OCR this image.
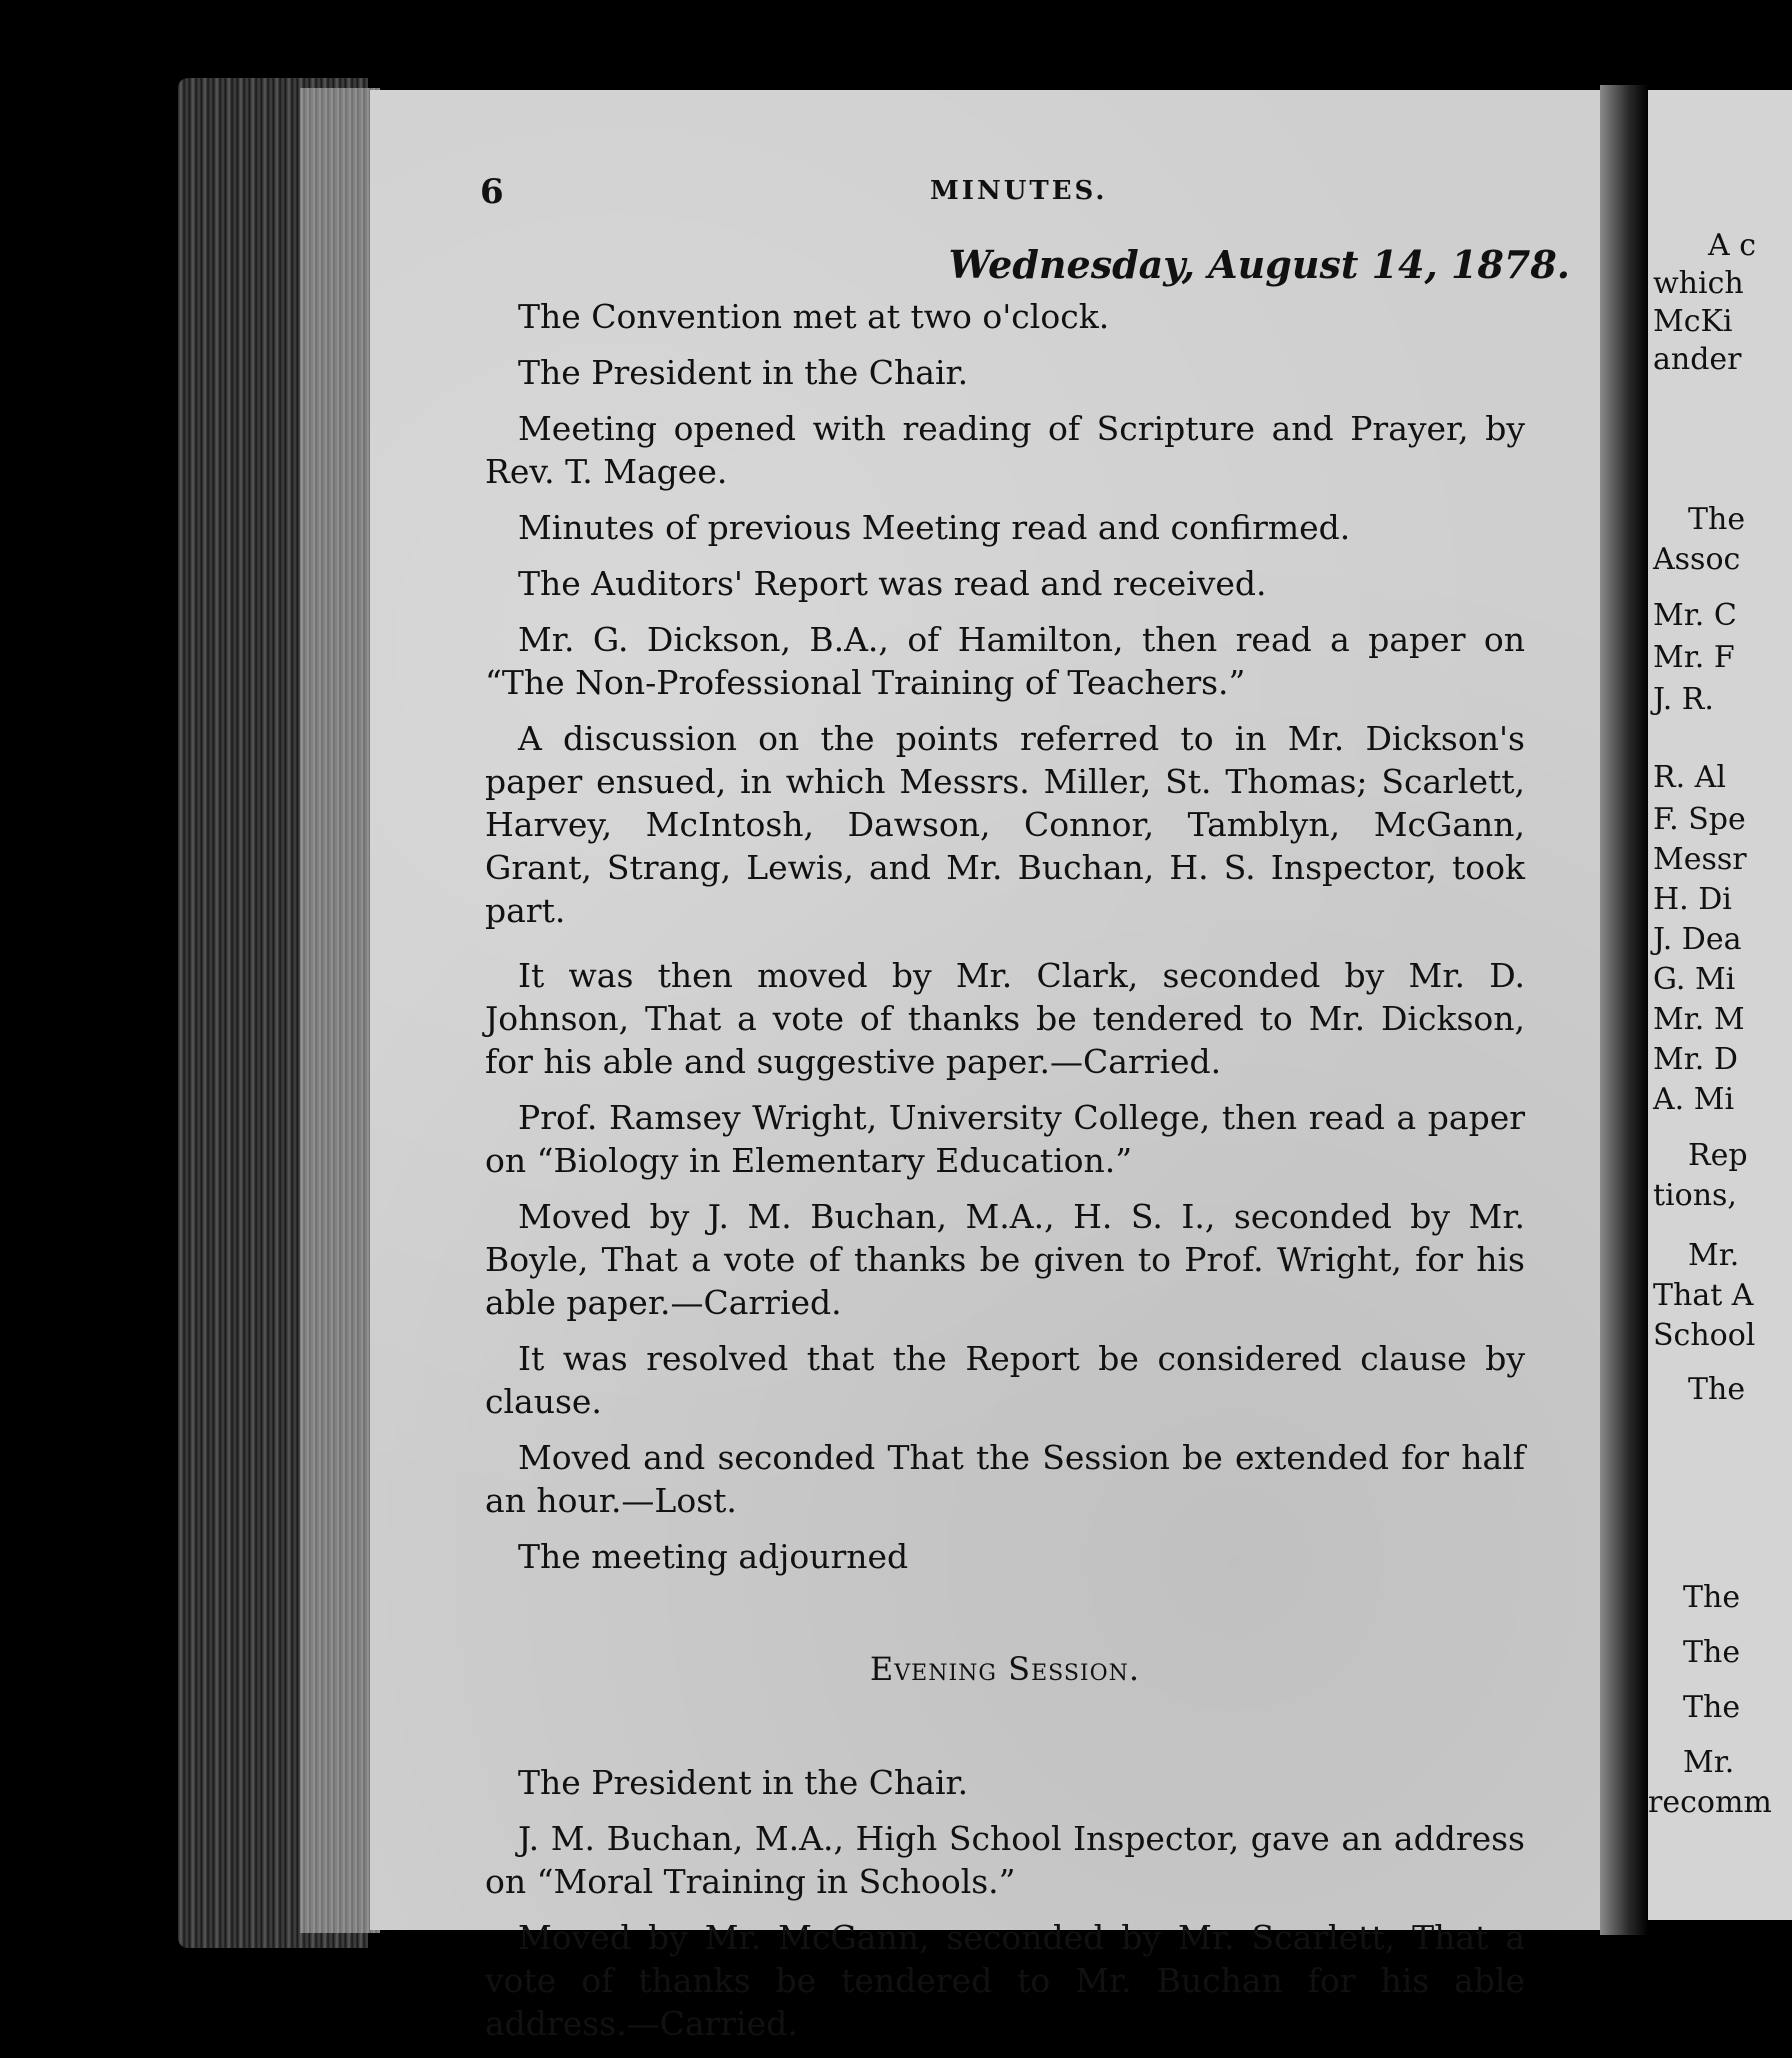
6	MINUTES.
Wednesday, August 14, 1878.

The Convention met at two o'clock.

The President in the Chair.

Meeting opened with reading of Scripture and Prayer, by Rev. T. Magee.

Minutes of previous Meeting read and confirmed.

The Auditors' Report was read and received.

Mr. G. Dickson, B.A., of Hamilton, then read a paper on “The Non-Professional Training of Teachers.”

A discussion on the points referred to in Mr. Dickson's paper ensued, in which Messrs. Miller, St. Thomas; Scarlett, Harvey, McIntosh, Dawson, Connor, Tamblyn, McGann, Grant, Strang, Lewis, and Mr. Buchan, H. S. Inspector, took part.

It was then moved by Mr. Clark, seconded by Mr. D. Johnson, That a vote of thanks be tendered to Mr. Dickson, for his able and suggestive paper.—Carried.

Prof. Ramsey Wright, University College, then read a paper on “Biology in Elementary Education.”

Moved by J. M. Buchan, M.A., H. S. I., seconded by Mr. Boyle, That a vote of thanks be given to Prof. Wright, for his able paper.—Carried.

It was resolved that the Report be considered clause by clause.

Moved and seconded That the Session be extended for half an hour.—Lost.

The meeting adjourned

Evening Session.

The President in the Chair.

J. M. Buchan, M.A., High School Inspector, gave an address on “Moral Training in Schools.”

Moved by Mr. McGann, seconded by Mr. Scarlett, That a vote of thanks be tendered to Mr. Buchan for his able address.—Carried.

A c
which
McKi
ander
The
Assoc
Mr. C
Mr. F
J. R.
R. Al
F. Spe
Messr
H. Di
J. Dea
G. Mi
Mr. M
Mr. D
A. Mi
Rep
tions,
Mr.
That A
School
The
The
The
The
Mr.
recomm
